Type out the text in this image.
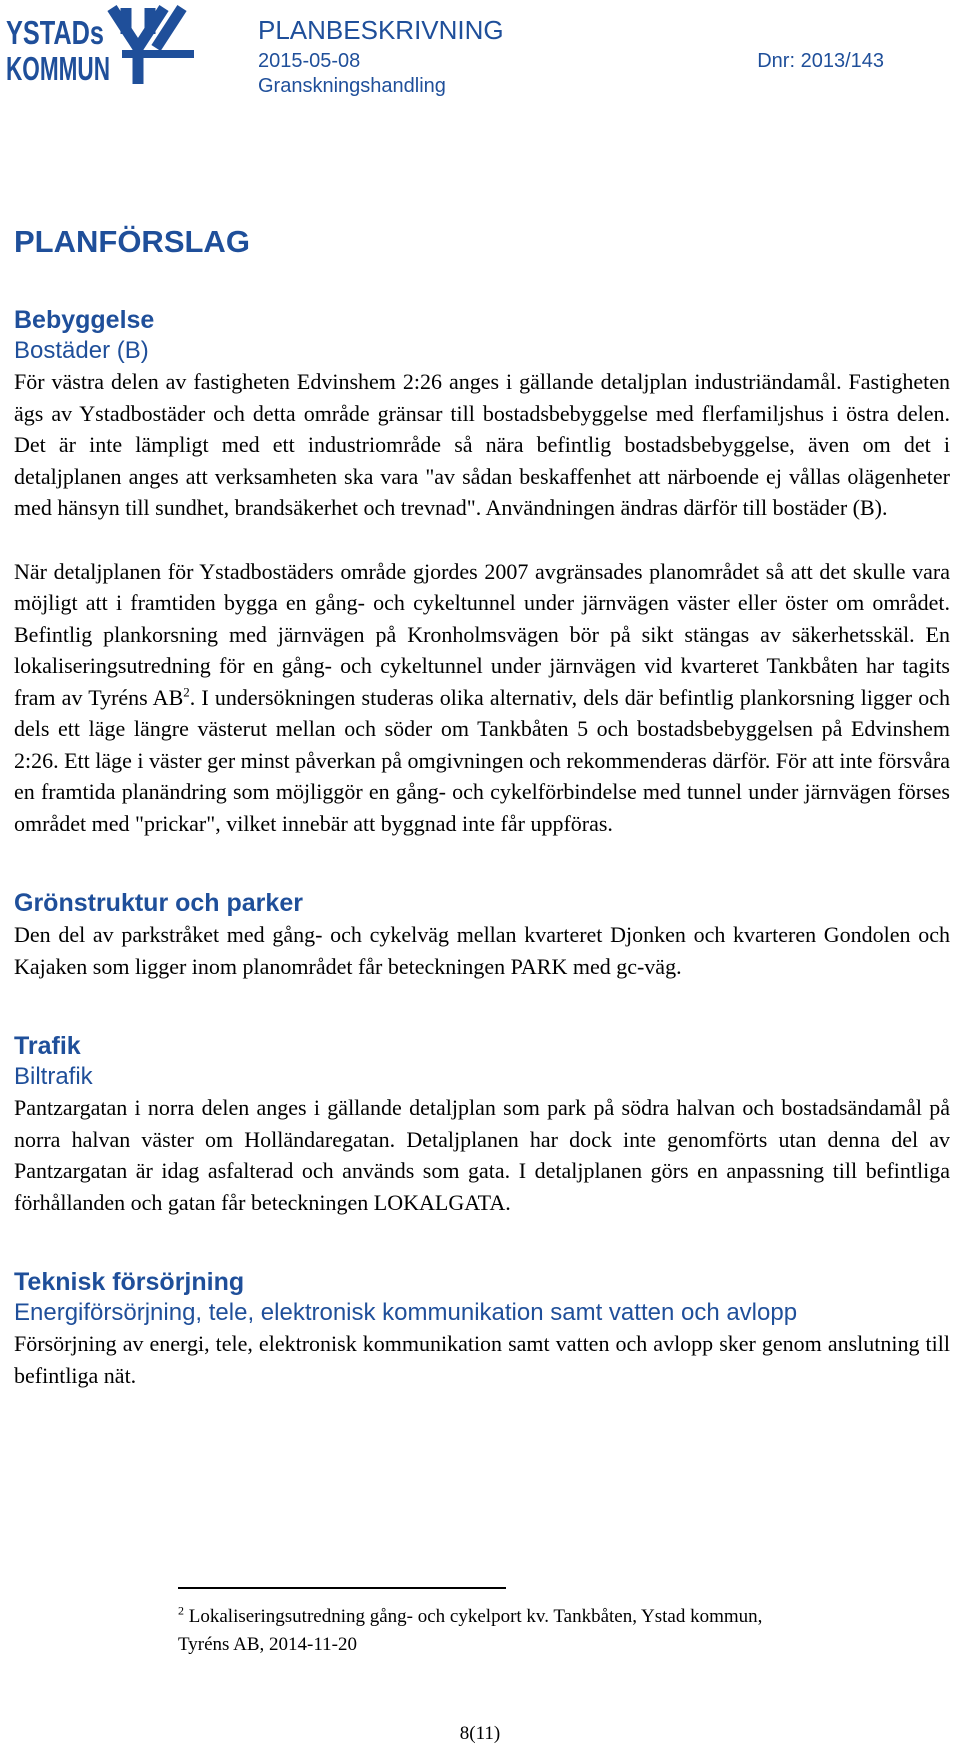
YSTADs
KOMMUN
PLANBESKRIVNING
2015-05-08	Dnr: 2013/143
Granskningshandling
PLANFÖRSLAG
Bebyggelse
Bostäder (B)

För västra delen av fastigheten Edvinshem 2:26 anges i gällande detaljplan industriändamål. Fastigheten ägs av Ystadbostäder och detta område gränsar till bostadsbebyggelse med flerfamiljshus i östra delen. Det är inte lämpligt med ett industriområde så nära befintlig bostadsbebyggelse, även om det i detaljplanen anges att verksamheten ska vara "av sådan beskaffenhet att närboende ej vållas olägenheter med hänsyn till sundhet, brandsäkerhet och trevnad". Användningen ändras därför till bostäder (B).

När detaljplanen för Ystadbostäders område gjordes 2007 avgränsades planområdet så att det skulle vara möjligt att i framtiden bygga en gång- och cykeltunnel under järnvägen väster eller öster om området. Befintlig plankorsning med järnvägen på Kronholmsvägen bör på sikt stängas av säkerhetsskäl. En lokaliseringsutredning för en gång- och cykeltunnel under järnvägen vid kvarteret Tankbåten har tagits fram av Tyréns $AB^2$. I undersökningen studeras olika alternativ, dels där befintlig plankorsning ligger och dels ett läge längre västerut mellan och söder om Tankbåten 5 och bostadsbebyggelsen på Edvinshem 2:26. Ett läge i väster ger minst påverkan på omgivningen och rekommenderas därför. För att inte försvåra en framtida planändring som möjliggör en gång- och cykelförbindelse med tunnel under järnvägen förses området med "prickar", vilket innebär att byggnad inte får uppföras.

Grönstruktur och parker

Den del av parkstråket med gång- och cykelväg mellan kvarteret Djonken och kvarteren Gondolen och Kajaken som ligger inom planområdet får beteckningen PARK med gc-väg.

Trafik
Biltrafik

Pantzargatan i norra delen anges i gällande detaljplan som park på södra halvan och bostadsändamål på norra halvan väster om Holländaregatan. Detaljplanen har dock inte genomförts utan denna del av Pantzargatan är idag asfalterad och används som gata. I detaljplanen görs en anpassning till befintliga förhållanden och gatan får beteckningen LOKALGATA.

Teknisk försörjning
Energiförsörjning, tele, elektronisk kommunikation samt vatten och avlopp

Försörjning av energi, tele, elektronisk kommunikation samt vatten och avlopp sker genom anslutning till befintliga nät.

$^2$ Lokaliseringsutredning gång- och cykelport kv. Tankbåten, Ystad kommun, Tyréns AB, 2014-11-20
8(11)
